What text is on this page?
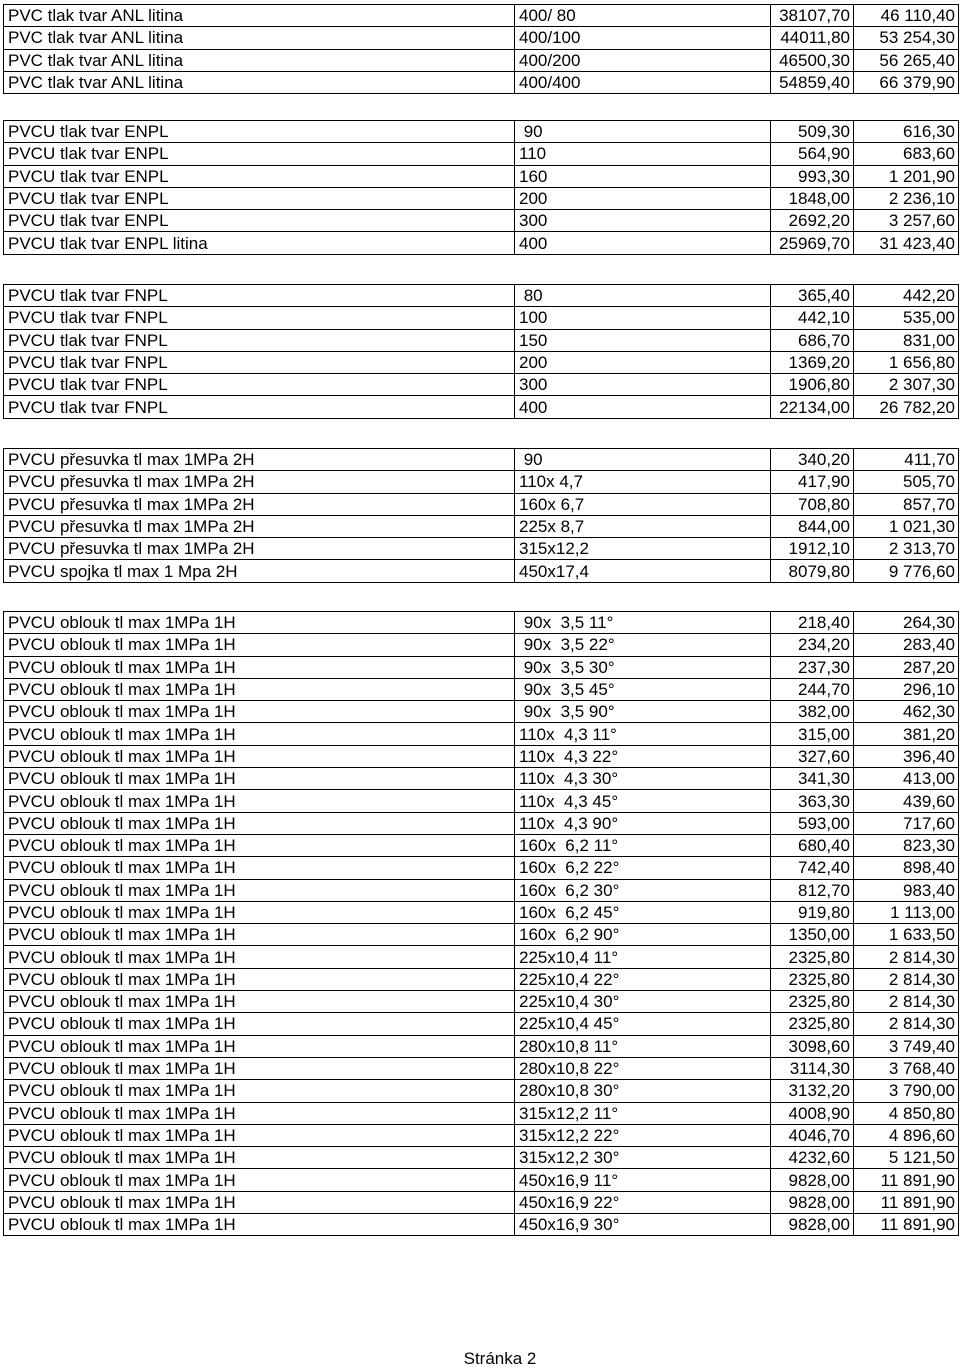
PVC tlak tvar ANL litina	400/ 80	38107,70	46 110,40
PVC tlak tvar ANL litina	400/100	44011,80	53 254,30
PVC tlak tvar ANL litina	400/200	46500,30	56 265,40
PVC tlak tvar ANL litina	400/400	54859,40	66 379,90
PVCU tlak tvar ENPL	90	509,30	616,30
PVCU tlak tvar ENPL	110	564,90	683,60
PVCU tlak tvar ENPL	160	993,30	1 201,90
PVCU tlak tvar ENPL	200	1848,00	2 236,10
PVCU tlak tvar ENPL	300	2692,20	3 257,60
PVCU tlak tvar ENPL litina	400	25969,70	31 423,40
PVCU tlak tvar FNPL	80	365,40	442,20
PVCU tlak tvar FNPL	100	442,10	535,00
PVCU tlak tvar FNPL	150	686,70	831,00
PVCU tlak tvar FNPL	200	1369,20	1 656,80
PVCU tlak tvar FNPL	300	1906,80	2 307,30
PVCU tlak tvar FNPL	400	22134,00	26 782,20
PVCU přesuvka tl max 1MPa 2H	90	340,20	411,70
PVCU přesuvka tl max 1MPa 2H	110x 4,7	417,90	505,70
PVCU přesuvka tl max 1MPa 2H	160x 6,7	708,80	857,70
PVCU přesuvka tl max 1MPa 2H	225x 8,7	844,00	1 021,30
PVCU přesuvka tl max 1MPa 2H	315x12,2	1912,10	2 313,70
PVCU spojka tl max 1 Mpa 2H	450x17,4	8079,80	9 776,60
PVCU oblouk tl max 1MPa 1H	90x  3,5 11°	218,40	264,30
PVCU oblouk tl max 1MPa 1H	90x  3,5 22°	234,20	283,40
PVCU oblouk tl max 1MPa 1H	90x  3,5 30°	237,30	287,20
PVCU oblouk tl max 1MPa 1H	90x  3,5 45°	244,70	296,10
PVCU oblouk tl max 1MPa 1H	90x  3,5 90°	382,00	462,30
PVCU oblouk tl max 1MPa 1H	110x  4,3 11°	315,00	381,20
PVCU oblouk tl max 1MPa 1H	110x  4,3 22°	327,60	396,40
PVCU oblouk tl max 1MPa 1H	110x  4,3 30°	341,30	413,00
PVCU oblouk tl max 1MPa 1H	110x  4,3 45°	363,30	439,60
PVCU oblouk tl max 1MPa 1H	110x  4,3 90°	593,00	717,60
PVCU oblouk tl max 1MPa 1H	160x  6,2 11°	680,40	823,30
PVCU oblouk tl max 1MPa 1H	160x  6,2 22°	742,40	898,40
PVCU oblouk tl max 1MPa 1H	160x  6,2 30°	812,70	983,40
PVCU oblouk tl max 1MPa 1H	160x  6,2 45°	919,80	1 113,00
PVCU oblouk tl max 1MPa 1H	160x  6,2 90°	1350,00	1 633,50
PVCU oblouk tl max 1MPa 1H	225x10,4 11°	2325,80	2 814,30
PVCU oblouk tl max 1MPa 1H	225x10,4 22°	2325,80	2 814,30
PVCU oblouk tl max 1MPa 1H	225x10,4 30°	2325,80	2 814,30
PVCU oblouk tl max 1MPa 1H	225x10,4 45°	2325,80	2 814,30
PVCU oblouk tl max 1MPa 1H	280x10,8 11°	3098,60	3 749,40
PVCU oblouk tl max 1MPa 1H	280x10,8 22°	3114,30	3 768,40
PVCU oblouk tl max 1MPa 1H	280x10,8 30°	3132,20	3 790,00
PVCU oblouk tl max 1MPa 1H	315x12,2 11°	4008,90	4 850,80
PVCU oblouk tl max 1MPa 1H	315x12,2 22°	4046,70	4 896,60
PVCU oblouk tl max 1MPa 1H	315x12,2 30°	4232,60	5 121,50
PVCU oblouk tl max 1MPa 1H	450x16,9 11°	9828,00	11 891,90
PVCU oblouk tl max 1MPa 1H	450x16,9 22°	9828,00	11 891,90
PVCU oblouk tl max 1MPa 1H	450x16,9 30°	9828,00	11 891,90
Stránka 2
